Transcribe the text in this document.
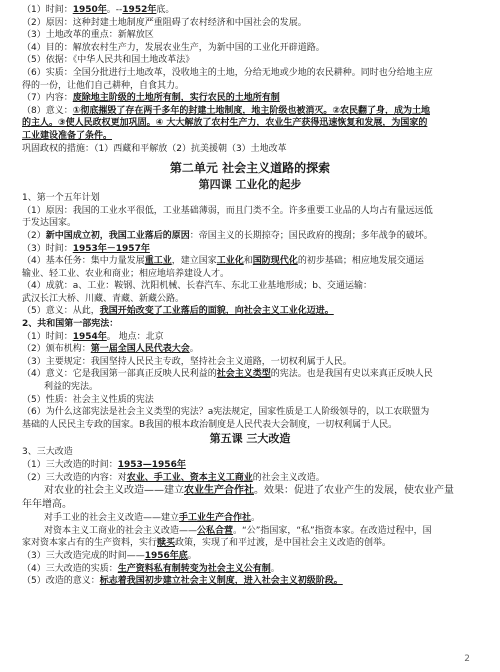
（1）时间：1950年。--1952年底。
（2）原因：这种封建土地制度严重阻碍了农村经济和中国社会的发展。
（3）土地改革的重点：新解放区
（4）目的：解放农村生产力，发展农业生产，为新中国的工业化开辟道路。
（5）依据：《中华人民共和国土地改革法》
（6）实质：全国分批进行土地改革，没收地主的土地，分给无地或少地的农民耕种。同时也分给地主应
得的一份，让他们自己耕种，自食其力。
（7）内容：废除地主阶级的土地所有制，实行农民的土地所有制
（8）意义：①彻底摧毁了存在两千多年的封建土地制度，地主阶级也被消灭。②农民翻了身，成为土地
的主人。③使人民政权更加巩固。④ 大大解放了农村生产力，农业生产获得迅速恢复和发展，为国家的
工业建设准备了条件。
巩固政权的措施：（1）西藏和平解放（2）抗美援朝（3）土地改革
第二单元 社会主义道路的探索
第四课 工业化的起步
1、第一个五年计划
（1）原因：我国的工业水平很低，工业基础薄弱，而且门类不全。许多重要工业品的人均占有量远远低
于发达国家。
（2）新中国成立初，我国工业落后的原因：帝国主义的长期掠夺；国民政府的搜刮；多年战争的破坏。
（3）时间：1953年－1957年
（4）基本任务：集中力量发展重工业，建立国家工业化和国防现代化的初步基础；相应地发展交通运
输业、轻工业、农业和商业；相应地培养建设人才。
（4）成就：a、工业：鞍钢、沈阳机械、长春汽车、东北工业基地形成；b、交通运输：
武汉长江大桥、川藏、青藏、新藏公路。
（5）意义：从此，我国开始改变了工业落后的面貌，向社会主义工业化迈进。
2、共和国第一部宪法：
（1）时间：1954年。 地点：北京
（2）颁布机构：第一届全国人民代表大会。
（3）主要规定：我国坚持人民民主专政，坚持社会主义道路，一切权利属于人民。
（4）意义：它是我国第一部真正反映人民利益的社会主义类型的宪法。也是我国有史以来真正反映人民
利益的宪法。
（5）性质：社会主义性质的宪法
（6）为什么这部宪法是社会主义类型的宪法？a宪法规定，国家性质是工人阶级领导的，以工农联盟为
基础的人民民主专政的国家。B我国的根本政治制度是人民代表大会制度，一切权利属于人民。
第五课 三大改造
3、三大改造
（1）三大改造的时间：1953—1956年
（2）三大改造的内容：对农业、手工业、资本主义工商业的社会主义改造。
对农业的社会主义改造——建立农业生产合作社。效果：促进了农业产生的发展，使农业产量
年年增高。
对手工业的社会主义改造——建立手工业生产合作社。
对资本主义工商业的社会主义改造——公私合营。“公”指国家，“私”指资本家。在改造过程中，国
家对资本家占有的生产资料，实行赎买政策，实现了和平过渡，是中国社会主义改造的创举。
（3）三大改造完成的时间——1956年底。
（4）三大改造的实质：生产资料私有制转变为社会主义公有制。
（5）改造的意义：标志着我国初步建立社会主义制度，进入社会主义初级阶段。
2
